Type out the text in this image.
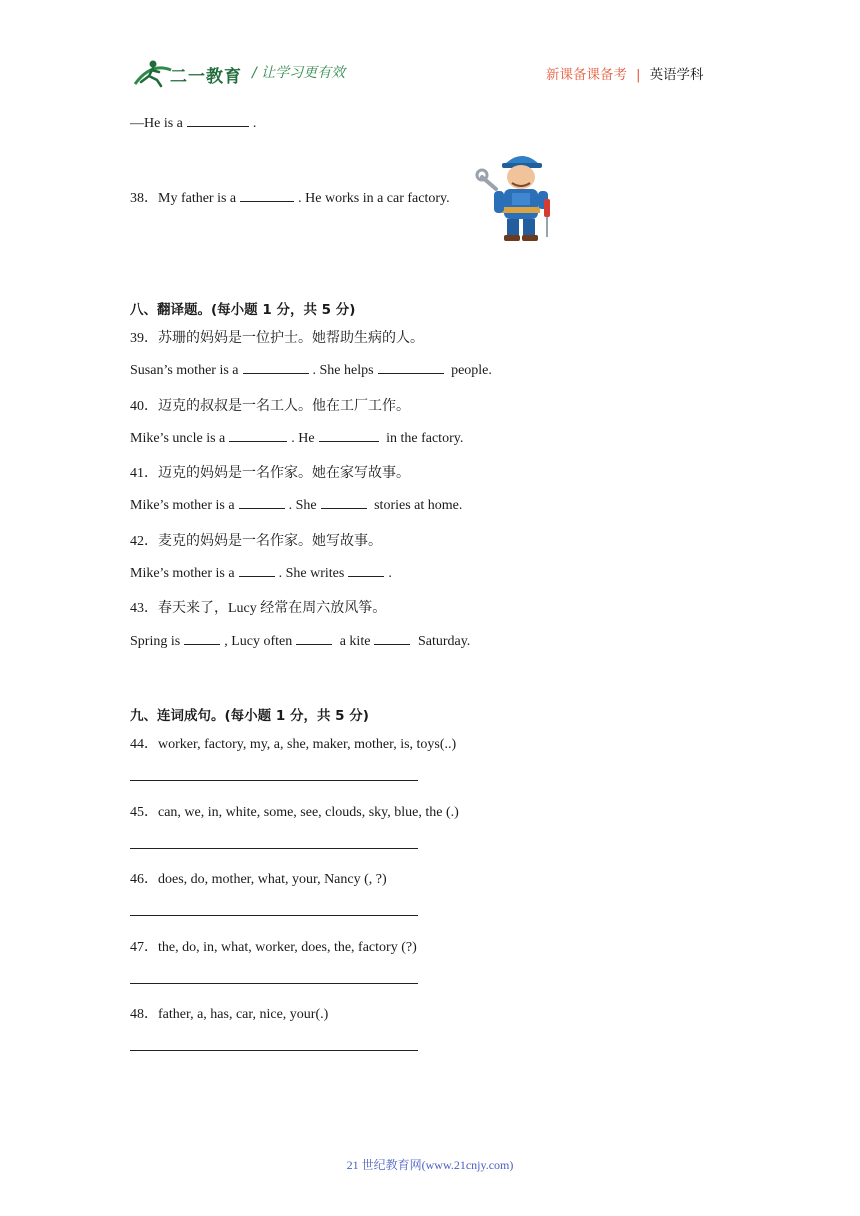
二一教育 / 让学习更有效	新课备课备考 | 英语学科
—He is a	.
38．My father is a	. He works in a car factory.
八、翻译题。(每小题 1 分，共 5 分)
39．苏珊的妈妈是一位护士。她帮助生病的人。
Susan’s mother is a	. She helps	people.
40．迈克的叔叔是一名工人。他在工厂工作。
Mike’s uncle is a	. He	in the factory.
41．迈克的妈妈是一名作家。她在家写故事。
Mike’s mother is a	. She	stories at home.
42．麦克的妈妈是一名作家。她写故事。
Mike’s mother is a	. She writes	.
43．春天来了，Lucy 经常在周六放风筝。
Spring is	, Lucy often	a kite	Saturday.
九、连词成句。(每小题 1 分，共 5 分)
44．worker, factory, my, a, she, maker, mother, is, toys(..)
45．can, we, in, white, some, see, clouds, sky, blue, the (.)
46．does, do, mother, what, your, Nancy (, ?)
47．the, do, in, what, worker, does, the, factory (?)
48．father, a, has, car, nice, your(.)
21 世纪教育网(www.21cnjy.com)
